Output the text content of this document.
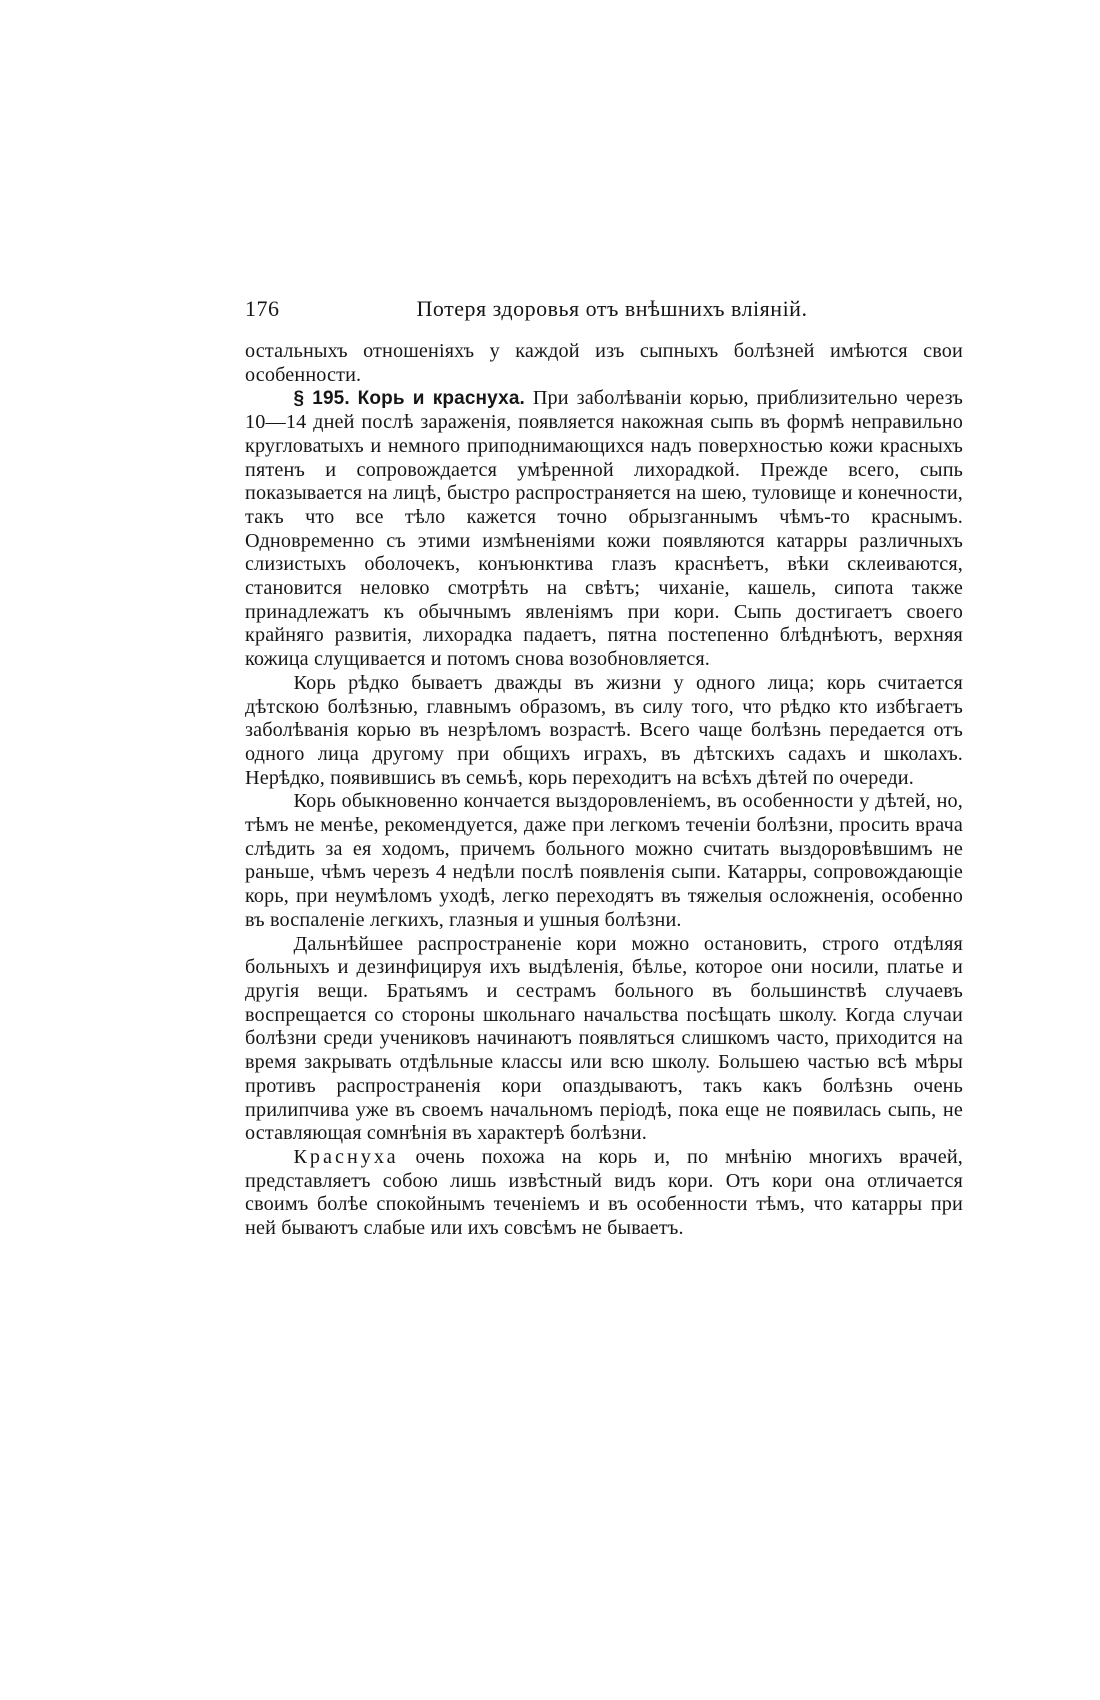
176	Потеря здоровья отъ внѣшнихъ вліяній.

остальныхъ отношеніяхъ у каждой изъ сыпныхъ болѣзней имѣются свои особенности.

§ 195. Корь и краснуха. При заболѣваніи корью, приблизительно черезъ 10—14 дней послѣ зараженія, появляется накожная сыпь въ формѣ неправильно кругловатыхъ и немного приподнимающихся надъ поверхностью кожи красныхъ пятенъ и сопровождается умѣренной лихорадкой. Прежде всего, сыпь показывается на лицѣ, быстро распространяется на шею, туловище и конечности, такъ что все тѣло кажется точно обрызганнымъ чѣмъ-то краснымъ. Одновременно съ этими измѣненіями кожи появляются катарры различныхъ слизистыхъ оболочекъ, конъюнктива глазъ краснѣетъ, вѣки склеиваются, становится неловко смотрѣть на свѣтъ; чиханіе, кашель, сипота также принадлежатъ къ обычнымъ явленіямъ при кори. Сыпь достигаетъ своего крайняго развитія, лихорадка падаетъ, пятна постепенно блѣднѣютъ, верхняя кожица слущивается и потомъ снова возобновляется.

Корь рѣдко бываетъ дважды въ жизни у одного лица; корь считается дѣтскою болѣзнью, главнымъ образомъ, въ силу того, что рѣдко кто избѣгаетъ заболѣванія корью въ незрѣломъ возрастѣ. Всего чаще болѣзнь передается отъ одного лица другому при общихъ играхъ, въ дѣтскихъ садахъ и школахъ. Нерѣдко, появившись въ семьѣ, корь переходитъ на всѣхъ дѣтей по очереди.

Корь обыкновенно кончается выздоровленіемъ, въ особенности у дѣтей, но, тѣмъ не менѣе, рекомендуется, даже при легкомъ теченіи болѣзни, просить врача слѣдить за ея ходомъ, причемъ больного можно считать выздоровѣвшимъ не раньше, чѣмъ черезъ 4 недѣли послѣ появленія сыпи. Катарры, сопровождающіе корь, при неумѣломъ уходѣ, легко переходятъ въ тяжелыя осложненія, особенно въ воспаленіе легкихъ, глазныя и ушныя болѣзни.

Дальнѣйшее распространеніе кори можно остановить, строго отдѣляя больныхъ и дезинфицируя ихъ выдѣленія, бѣлье, которое они носили, платье и другія вещи. Братьямъ и сестрамъ больного въ большинствѣ случаевъ воспрещается со стороны школьнаго начальства посѣщать школу. Когда случаи болѣзни среди учениковъ начинаютъ появляться слишкомъ часто, приходится на время закрывать отдѣльные классы или всю школу. Большею частью всѣ мѣры противъ распространенія кори опаздываютъ, такъ какъ болѣзнь очень прилипчива уже въ своемъ начальномъ періодѣ, пока еще не появилась сыпь, не оставляющая сомнѣнія въ характерѣ болѣзни.

Краснуха очень похожа на корь и, по мнѣнію многихъ врачей, представляетъ собою лишь извѣстный видъ кори. Отъ кори она отличается своимъ болѣе спокойнымъ теченіемъ и въ особенности тѣмъ, что катарры при ней бываютъ слабые или ихъ совсѣмъ не бываетъ.
